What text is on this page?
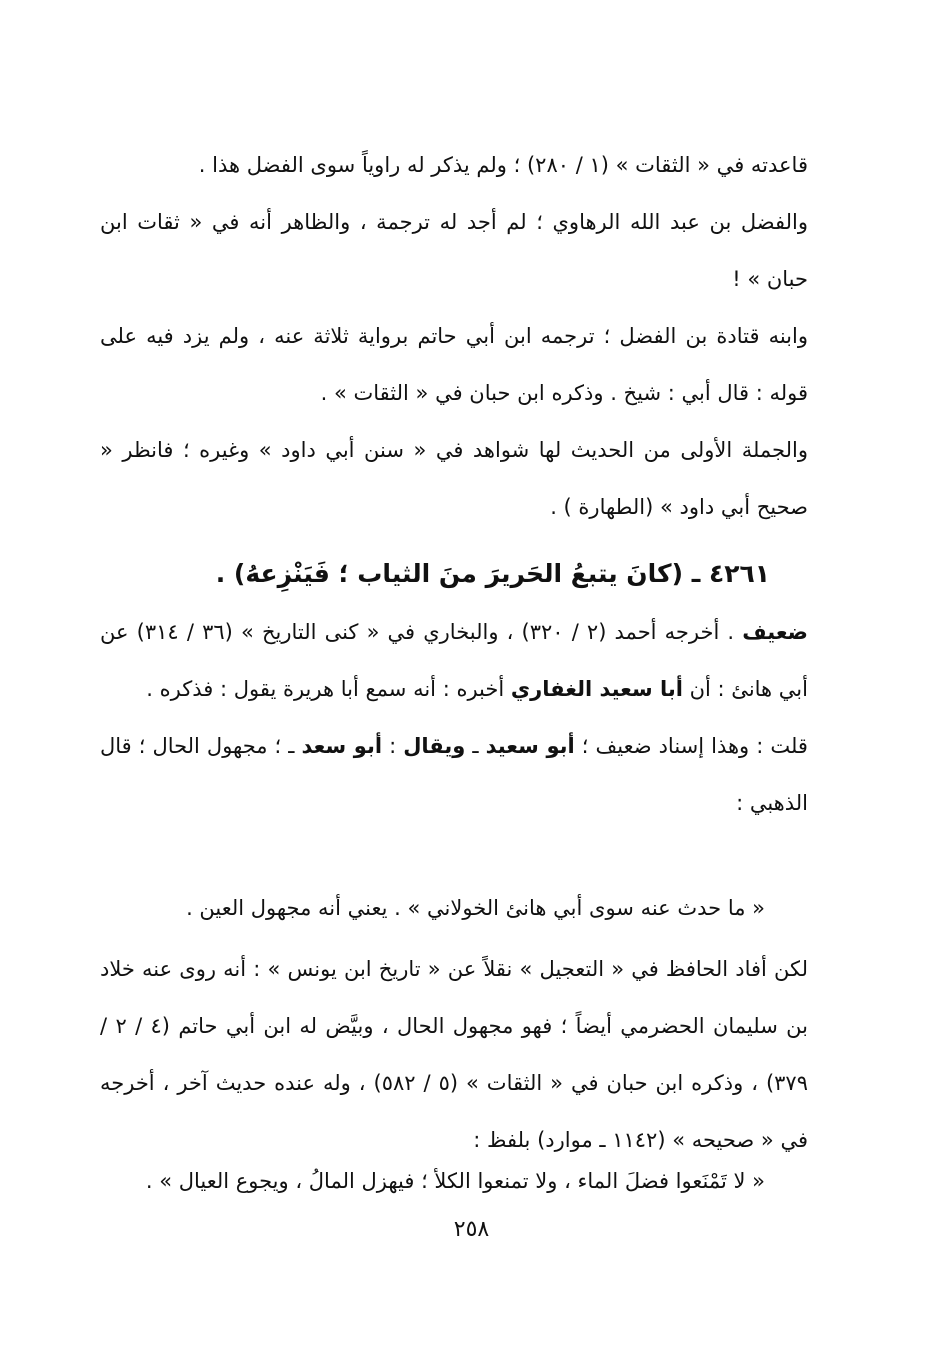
قاعدته في « الثقات » (١ / ٢٨٠) ؛ ولم يذكر له راوياً سوى الفضل هذا .

والفضل بن عبد الله الرهاوي ؛ لم أجد له ترجمة ، والظاهر أنه في « ثقات ابن حبان » !

وابنه قتادة بن الفضل ؛ ترجمه ابن أبي حاتم برواية ثلاثة عنه ، ولم يزد فيه على قوله : قال أبي : شيخ . وذكره ابن حبان في « الثقات » .

والجملة الأولى من الحديث لها شواهد في « سنن أبي داود » وغيره ؛ فانظر « صحيح أبي داود » (الطهارة ) .

٤٢٦١ ـ (كانَ يتبعُ الحَريرَ منَ الثياب ؛ فَيَنْزِعهُ) .

ضعيف . أخرجه أحمد (٢ / ٣٢٠) ، والبخاري في « كنى التاريخ » (٣٦ / ٣١٤) عن أبي هانئ : أن أبا سعيد الغفاري أخبره : أنه سمع أبا هريرة يقول : فذكره .

قلت : وهذا إسناد ضعيف ؛ أبو سعيد ـ ويقال : أبو سعد ـ ؛ مجهول الحال ؛ قال الذهبي :

« ما حدث عنه سوى أبي هانئ الخولاني » . يعني أنه مجهول العين .
لكن أفاد الحافظ في « التعجيل » نقلاً عن « تاريخ ابن يونس » : أنه روى عنه خلاد بن سليمان الحضرمي أيضاً ؛ فهو مجهول الحال ، وبيَّض له ابن أبي حاتم (٤ / ٢ / ٣٧٩) ، وذكره ابن حبان في « الثقات » (٥ / ٥٨٢) ، وله عنده حديث آخر ، أخرجه في « صحيحه » (١١٤٢ ـ موارد) بلفظ :
« لا تَمْنَعوا فضلَ الماء ، ولا تمنعوا الكلأ ؛ فيهزل المالُ ، ويجوع العيال » .
٢٥٨
